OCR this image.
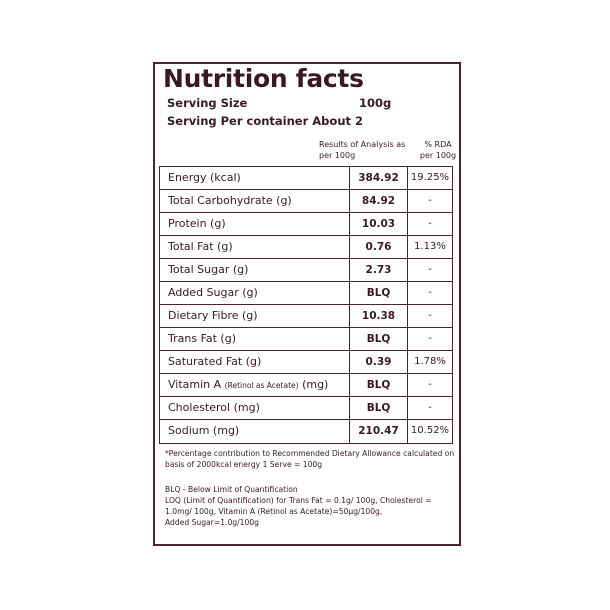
Nutrition facts
Serving Size	100g
Serving Per container About 2
Results of Analysis as per 100g
% RDA per 100g
Energy (kcal)	384.92	19.25%
Total Carbohydrate (g)	84.92	-
Protein (g)	10.03	-
Total Fat (g)	0.76	1.13%
Total Sugar (g)	2.73	-
Added Sugar (g)	BLQ	-
Dietary Fibre (g)	10.38	-
Trans Fat (g)	BLQ	-
Saturated Fat (g)	0.39	1.78%
Vitamin A (Retinol as Acetate) (mg)	BLQ	-
Cholesterol (mg)	BLQ	-
Sodium (mg)	210.47	10.52%
*Percentage contribution to Recommended Dietary Allowance calculated on basis of 2000kcal energy 1 Serve = 100g
BLQ - Below Limit of Quantification
LOQ (Limit of Quantification) for Trans Fat = 0.1g/ 100g, Cholesterol = 1.0mg/ 100g, Vitamin A (Retinol as Acetate)=50µg/100g,
Added Sugar=1.0g/100g
